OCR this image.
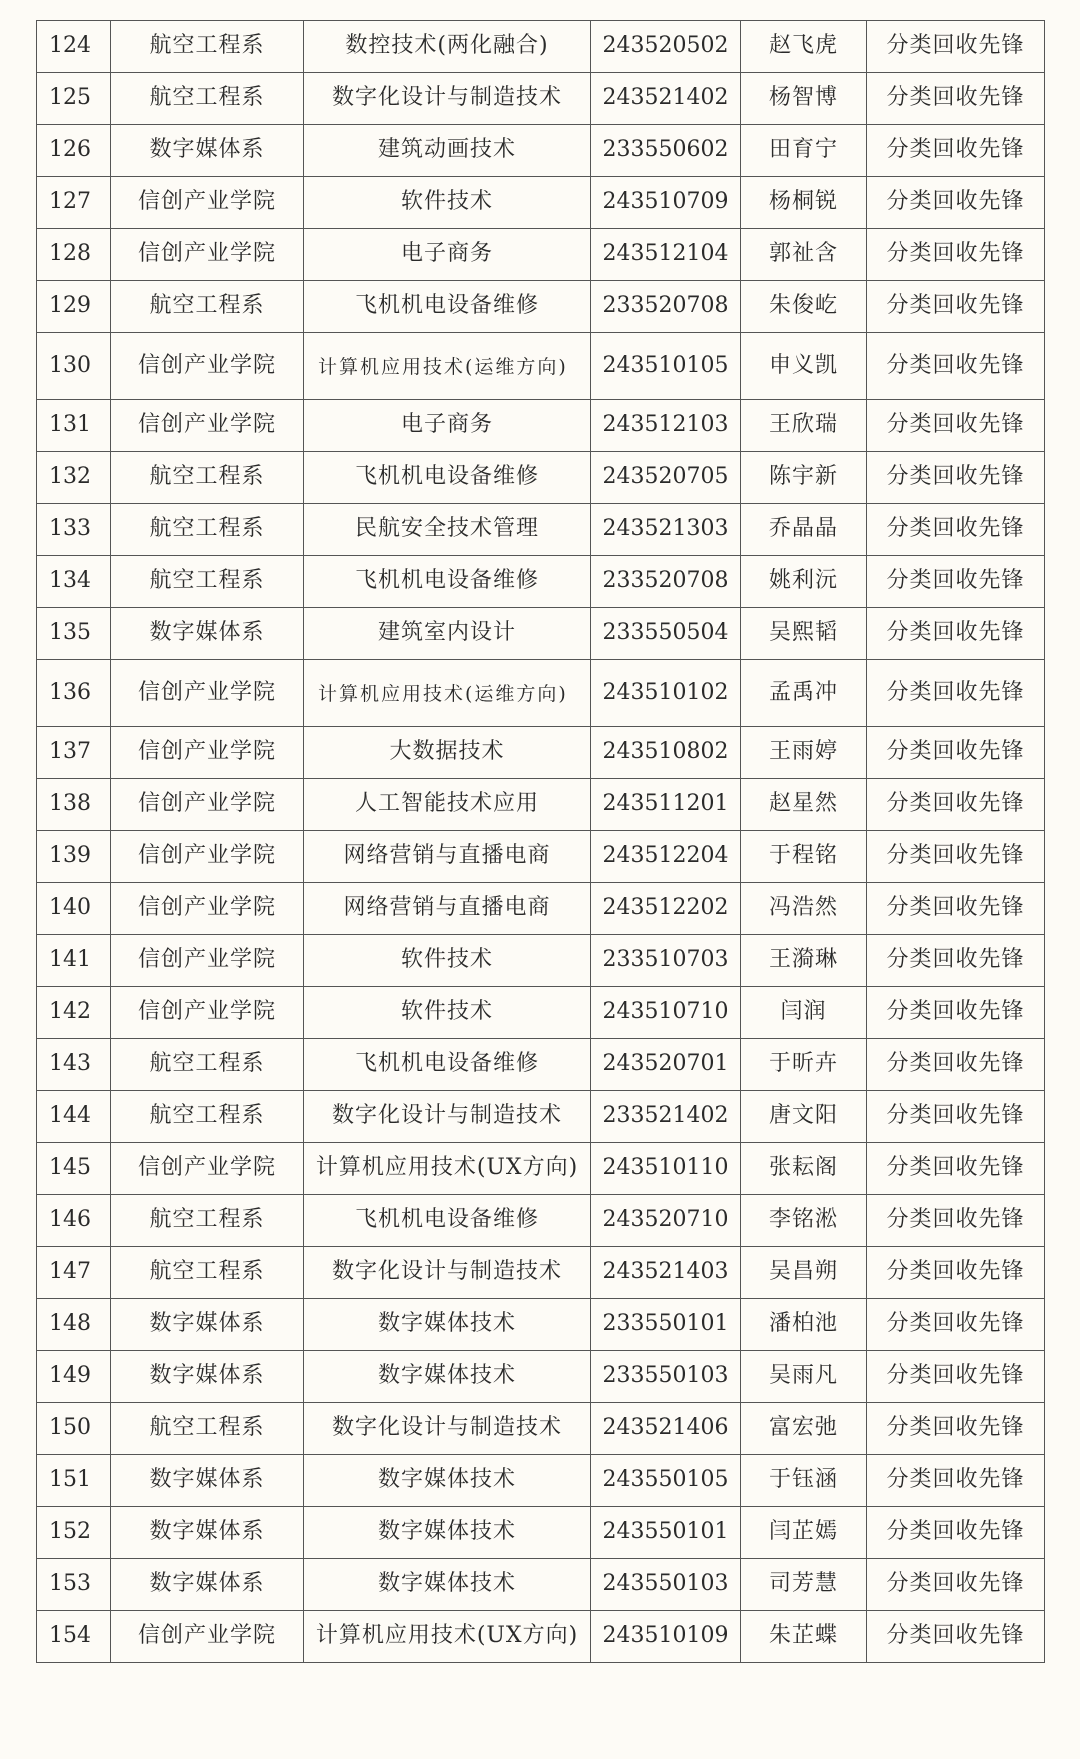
124	航空工程系	数控技术(两化融合)	243520502	赵飞虎	分类回收先锋
125	航空工程系	数字化设计与制造技术	243521402	杨智博	分类回收先锋
126	数字媒体系	建筑动画技术	233550602	田育宁	分类回收先锋
127	信创产业学院	软件技术	243510709	杨桐锐	分类回收先锋
128	信创产业学院	电子商务	243512104	郭祉含	分类回收先锋
129	航空工程系	飞机机电设备维修	233520708	朱俊屹	分类回收先锋
130	信创产业学院	计算机应用技术(运维方向)	243510105	申义凯	分类回收先锋
131	信创产业学院	电子商务	243512103	王欣瑞	分类回收先锋
132	航空工程系	飞机机电设备维修	243520705	陈宇新	分类回收先锋
133	航空工程系	民航安全技术管理	243521303	乔晶晶	分类回收先锋
134	航空工程系	飞机机电设备维修	233520708	姚利沅	分类回收先锋
135	数字媒体系	建筑室内设计	233550504	吴熙韬	分类回收先锋
136	信创产业学院	计算机应用技术(运维方向)	243510102	孟禹冲	分类回收先锋
137	信创产业学院	大数据技术	243510802	王雨婷	分类回收先锋
138	信创产业学院	人工智能技术应用	243511201	赵星然	分类回收先锋
139	信创产业学院	网络营销与直播电商	243512204	于程铭	分类回收先锋
140	信创产业学院	网络营销与直播电商	243512202	冯浩然	分类回收先锋
141	信创产业学院	软件技术	233510703	王漪琳	分类回收先锋
142	信创产业学院	软件技术	243510710	闫润	分类回收先锋
143	航空工程系	飞机机电设备维修	243520701	于昕卉	分类回收先锋
144	航空工程系	数字化设计与制造技术	233521402	唐文阳	分类回收先锋
145	信创产业学院	计算机应用技术(UX方向)	243510110	张耘阁	分类回收先锋
146	航空工程系	飞机机电设备维修	243520710	李铭淞	分类回收先锋
147	航空工程系	数字化设计与制造技术	243521403	吴昌朔	分类回收先锋
148	数字媒体系	数字媒体技术	233550101	潘柏池	分类回收先锋
149	数字媒体系	数字媒体技术	233550103	吴雨凡	分类回收先锋
150	航空工程系	数字化设计与制造技术	243521406	富宏弛	分类回收先锋
151	数字媒体系	数字媒体技术	243550105	于钰涵	分类回收先锋
152	数字媒体系	数字媒体技术	243550101	闫芷嫣	分类回收先锋
153	数字媒体系	数字媒体技术	243550103	司芳慧	分类回收先锋
154	信创产业学院	计算机应用技术(UX方向)	243510109	朱芷蝶	分类回收先锋
